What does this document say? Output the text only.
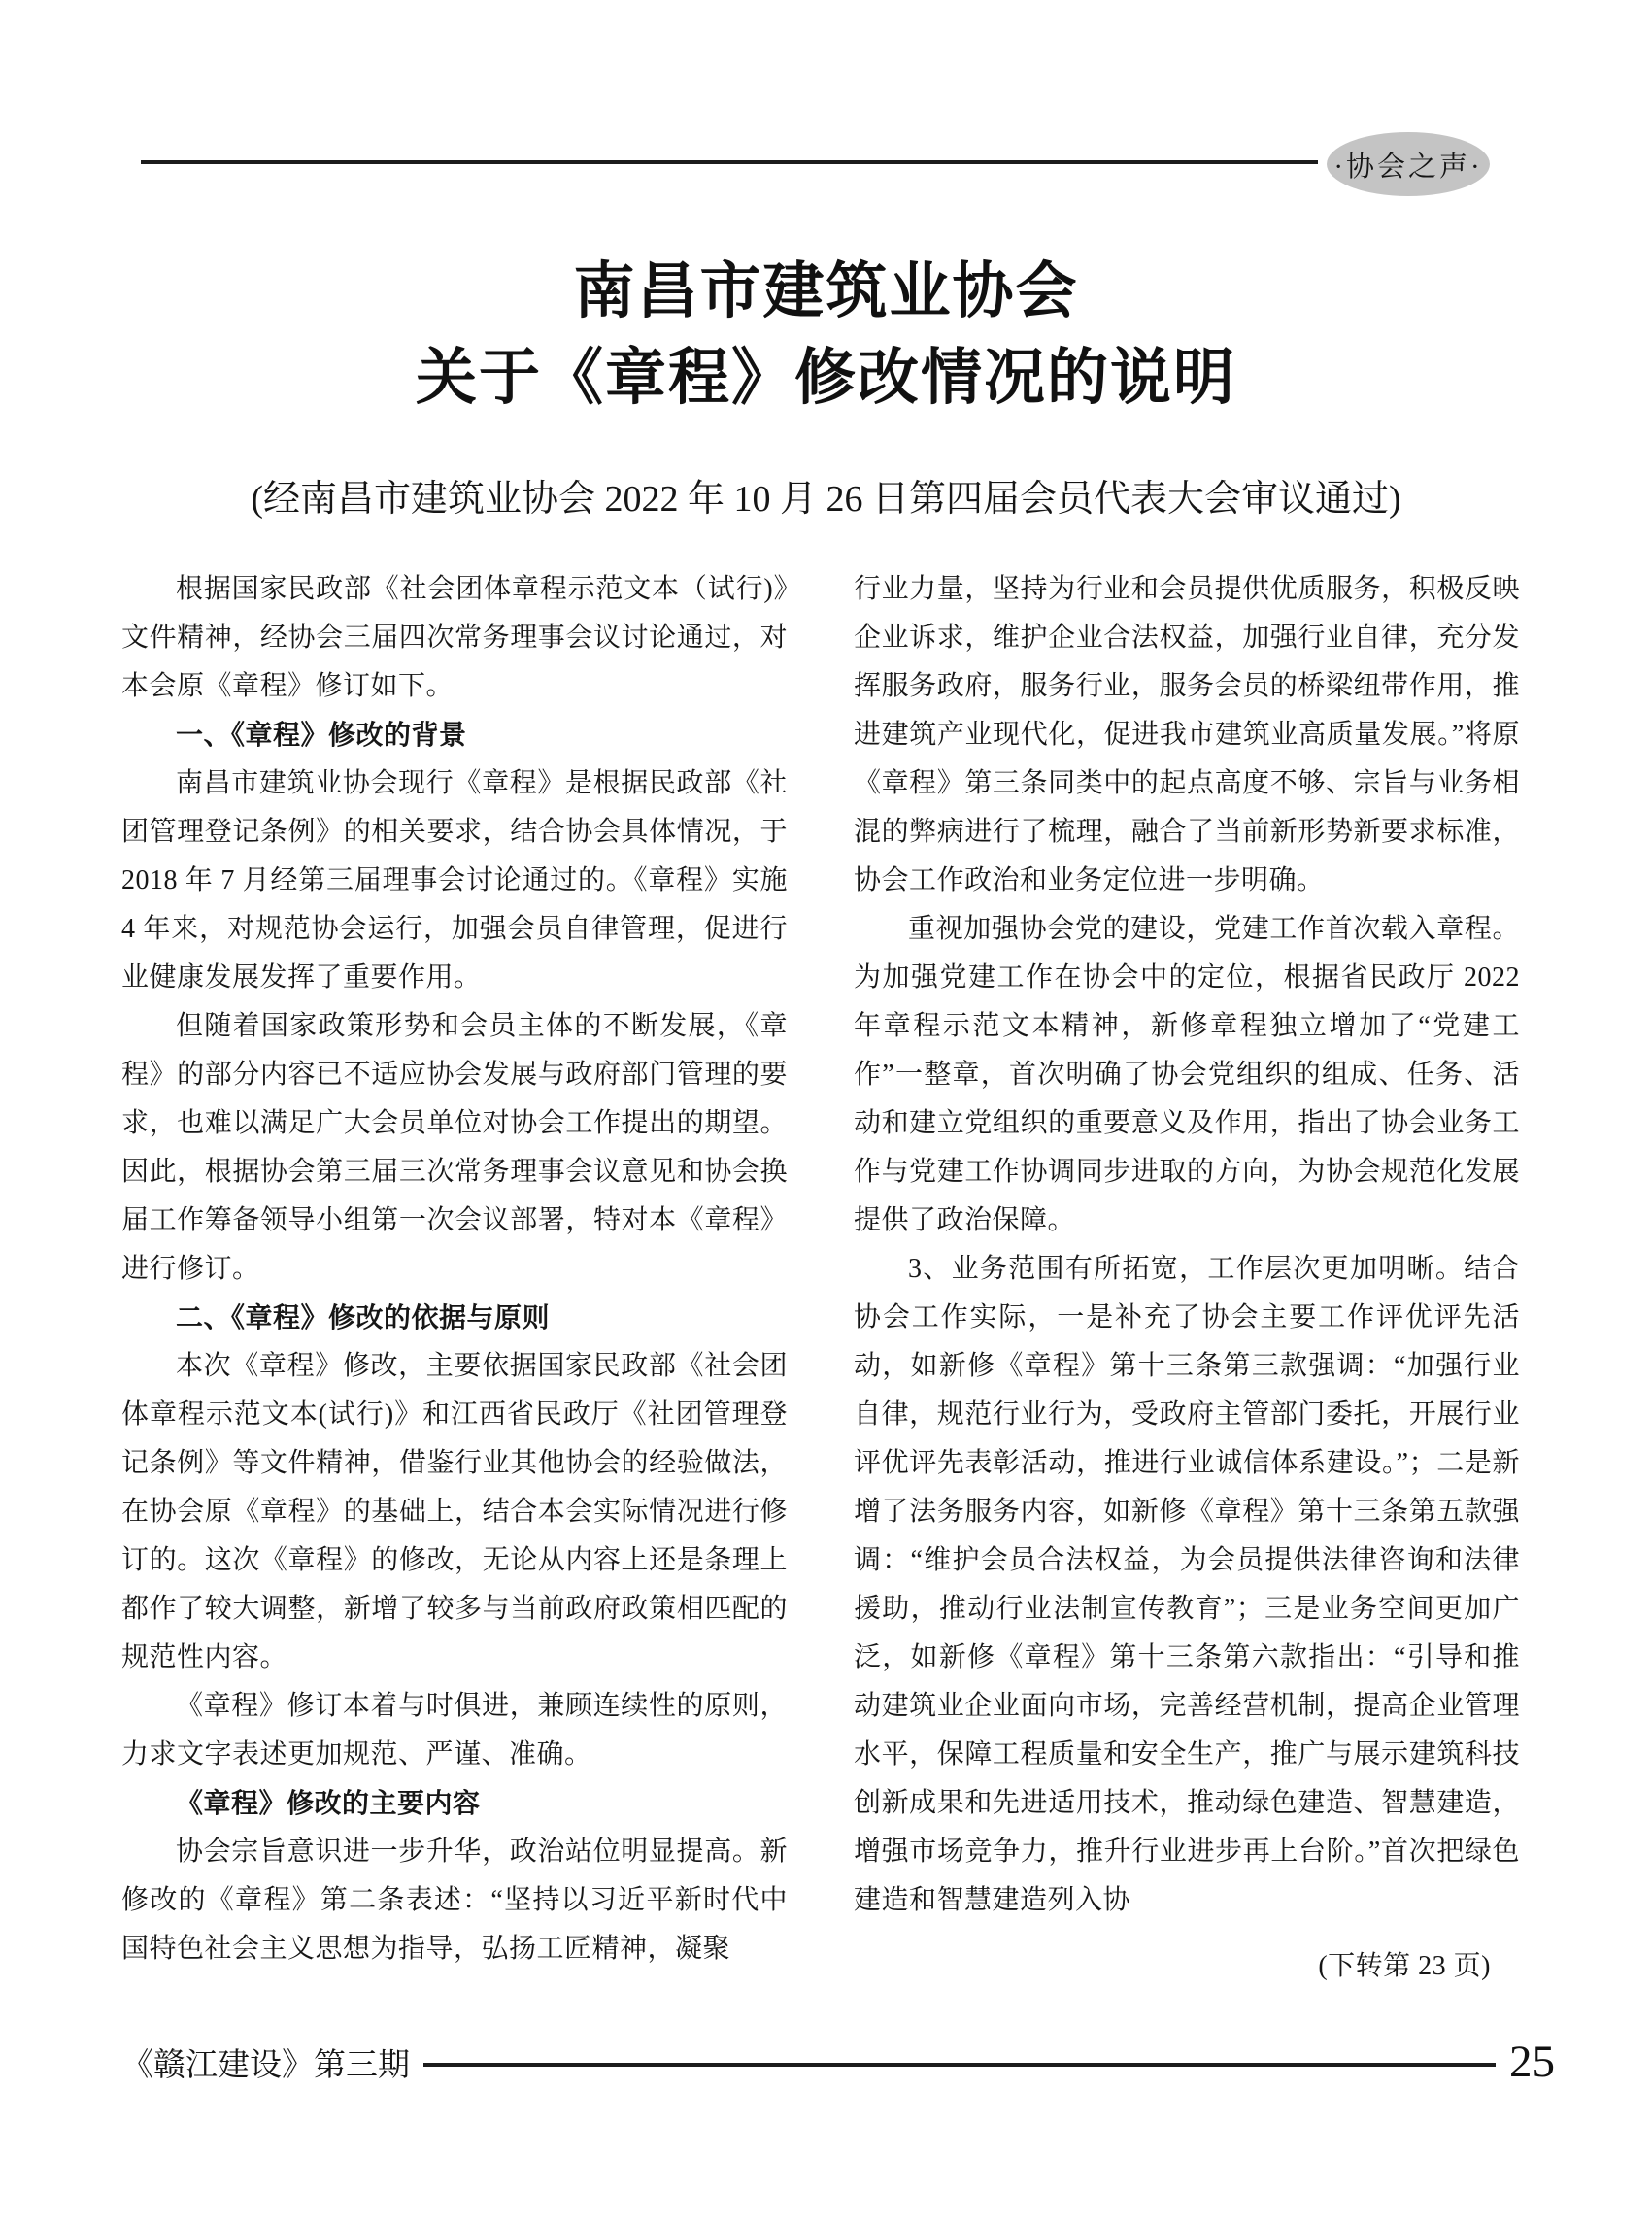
·协会之声·
南昌市建筑业协会
关于《章程》修改情况的说明
(经南昌市建筑业协会 2022 年 10 月 26 日第四届会员代表大会审议通过)

根据国家民政部《社会团体章程示范文本（试行)》文件精神，经协会三届四次常务理事会议讨论通过，对本会原《章程》修订如下。

一、《章程》修改的背景

南昌市建筑业协会现行《章程》是根据民政部《社团管理登记条例》的相关要求，结合协会具体情况，于 2018 年 7 月经第三届理事会讨论通过的。《章程》实施 4 年来，对规范协会运行，加强会员自律管理，促进行业健康发展发挥了重要作用。

但随着国家政策形势和会员主体的不断发展，《章程》的部分内容已不适应协会发展与政府部门管理的要求，也难以满足广大会员单位对协会工作提出的期望。因此，根据协会第三届三次常务理事会议意见和协会换届工作筹备领导小组第一次会议部署，特对本《章程》进行修订。

二、《章程》修改的依据与原则

本次《章程》修改，主要依据国家民政部《社会团体章程示范文本(试行)》和江西省民政厅《社团管理登记条例》等文件精神，借鉴行业其他协会的经验做法，在协会原《章程》的基础上，结合本会实际情况进行修订的。这次《章程》的修改，无论从内容上还是条理上都作了较大调整，新增了较多与当前政府政策相匹配的规范性内容。

《章程》修订本着与时俱进，兼顾连续性的原则，力求文字表述更加规范、严谨、准确。

《章程》修改的主要内容

协会宗旨意识进一步升华，政治站位明显提高。新修改的《章程》第二条表述：“坚持以习近平新时代中国特色社会主义思想为指导，弘扬工匠精神，凝聚

行业力量，坚持为行业和会员提供优质服务，积极反映企业诉求，维护企业合法权益，加强行业自律，充分发挥服务政府，服务行业，服务会员的桥梁纽带作用，推进建筑产业现代化，促进我市建筑业高质量发展。”将原《章程》第三条同类中的起点高度不够、宗旨与业务相混的弊病进行了梳理，融合了当前新形势新要求标准，协会工作政治和业务定位进一步明确。

重视加强协会党的建设，党建工作首次载入章程。为加强党建工作在协会中的定位，根据省民政厅 2022 年章程示范文本精神，新修章程独立增加了“党建工作”一整章，首次明确了协会党组织的组成、任务、活动和建立党组织的重要意义及作用，指出了协会业务工作与党建工作协调同步进取的方向，为协会规范化发展提供了政治保障。

3、业务范围有所拓宽，工作层次更加明晰。结合协会工作实际，一是补充了协会主要工作评优评先活动，如新修《章程》第十三条第三款强调：“加强行业自律，规范行业行为，受政府主管部门委托，开展行业评优评先表彰活动，推进行业诚信体系建设。”；二是新增了法务服务内容，如新修《章程》第十三条第五款强调：“维护会员合法权益，为会员提供法律咨询和法律援助，推动行业法制宣传教育”；三是业务空间更加广泛，如新修《章程》第十三条第六款指出：“引导和推动建筑业企业面向市场，完善经营机制，提高企业管理水平，保障工程质量和安全生产，推广与展示建筑科技创新成果和先进适用技术，推动绿色建造、智慧建造，增强市场竞争力，推升行业进步再上台阶。”首次把绿色建造和智慧建造列入协

(下转第 23 页)

《赣江建设》第三期	25
